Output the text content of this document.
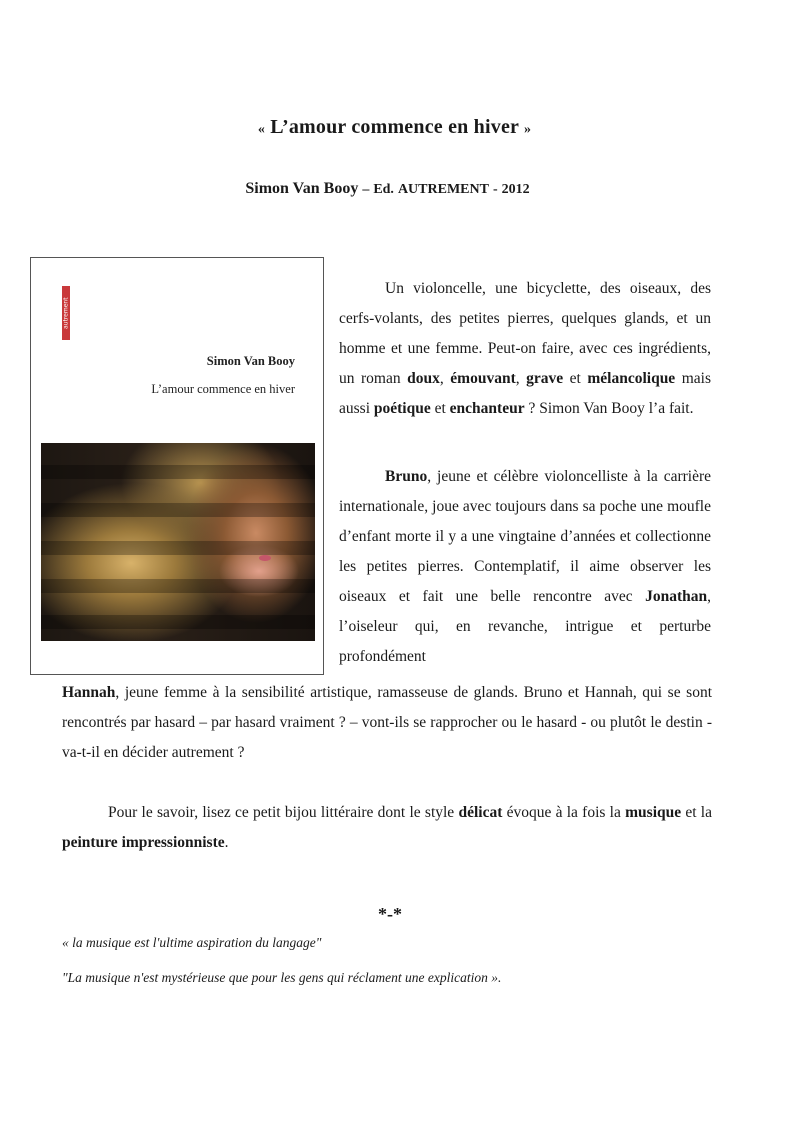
« L’amour commence en hiver »
Simon Van Booy – Ed. AUTREMENT - 2012
autrement
Simon Van Booy
L’amour commence en hiver
Un violoncelle, une bicyclette, des oiseaux, des cerfs-volants, des petites pierres, quelques glands, et un homme et une femme. Peut-on faire, avec ces ingrédients, un roman doux, émouvant, grave et mélancolique mais aussi poétique et enchanteur ? Simon Van Booy l’a fait.
Bruno, jeune et célèbre violoncelliste à la carrière internationale, joue avec toujours dans sa poche une moufle d’enfant morte il y a une vingtaine d’années et collectionne les petites pierres. Contemplatif, il aime observer les oiseaux et fait une belle rencontre avec Jonathan, l’oiseleur qui, en revanche, intrigue et perturbe profondément
Hannah, jeune femme à la sensibilité artistique, ramasseuse de glands. Bruno et Hannah, qui se sont rencontrés par hasard – par hasard vraiment ? – vont-ils se rapprocher ou le hasard - ou plutôt le destin - va-t-il en décider autrement ?
Pour le savoir, lisez ce petit bijou littéraire dont le style délicat évoque à la fois la musique et la peinture impressionniste.
*-*
« la musique est l'ultime aspiration du langage"
"La musique n'est mystérieuse que pour les gens qui réclament une explication ».
